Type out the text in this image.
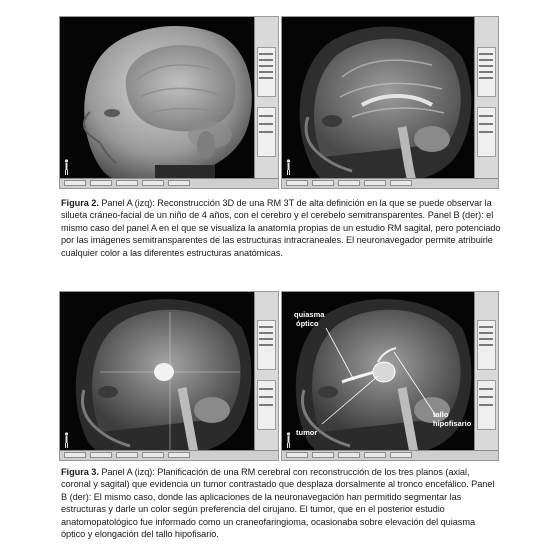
Figura 2. Panel A (izq): Reconstrucción 3D de una RM 3T de alta definición en la que se puede observar la silueta cráneo-facial de un niño de 4 años, con el cerebro y el cerebelo semitransparentes. Panel B (der): el mismo caso del panel A en el que se visualiza la anatomía propias de un estudio RM sagital, pero potenciado por las imágenes semitransparentes de las estructuras intracraneales. El neuronavegador permite atribuirle cualquier color a las diferentes estructuras anatómicas.
quiasma
óptico
tumor
tallo
hipofisario
Figura 3. Panel A (izq): Planificación de una RM cerebral con reconstrucción de los tres planos (axial, coronal y sagital) que evidencia un tumor contrastado que desplaza dorsalmente al tronco encefálico. Panel B (der): El mismo caso, donde las aplicaciones de la neuronavegación han permitido segmentar las estructuras y darle un color según preferencia del cirujano. El tumor, que en el posterior estudio anatomopatológico fue informado como un craneofaringioma, ocasionaba sobre elevación del quiasma óptico y elongación del tallo hipofisario.
